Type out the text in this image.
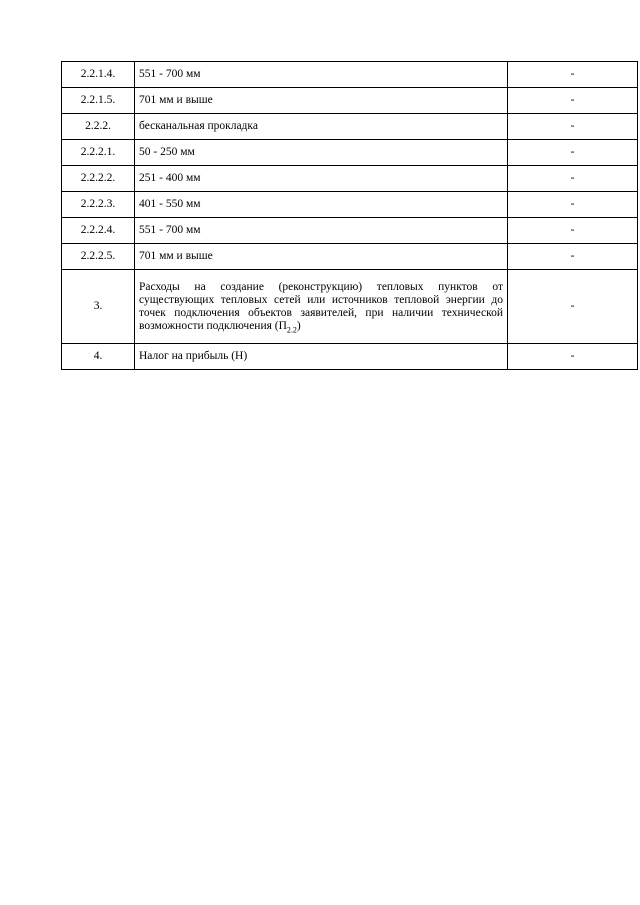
2.2.1.4.	551 - 700 мм	-
2.2.1.5.	701 мм и выше	-
2.2.2.	бесканальная прокладка	-
2.2.2.1.	50 - 250 мм	-
2.2.2.2.	251 - 400 мм	-
2.2.2.3.	401 - 550 мм	-
2.2.2.4.	551 - 700 мм	-
2.2.2.5.	701 мм и выше	-
3.	Расходы на создание (реконструкцию) тепловых пунктов от существующих тепловых сетей или источников тепловой энергии до точек подключения объектов заявителей, при наличии технической возможности подключения $(П_{2.2})$	-
4.	Налог на прибыль (Н)	-
